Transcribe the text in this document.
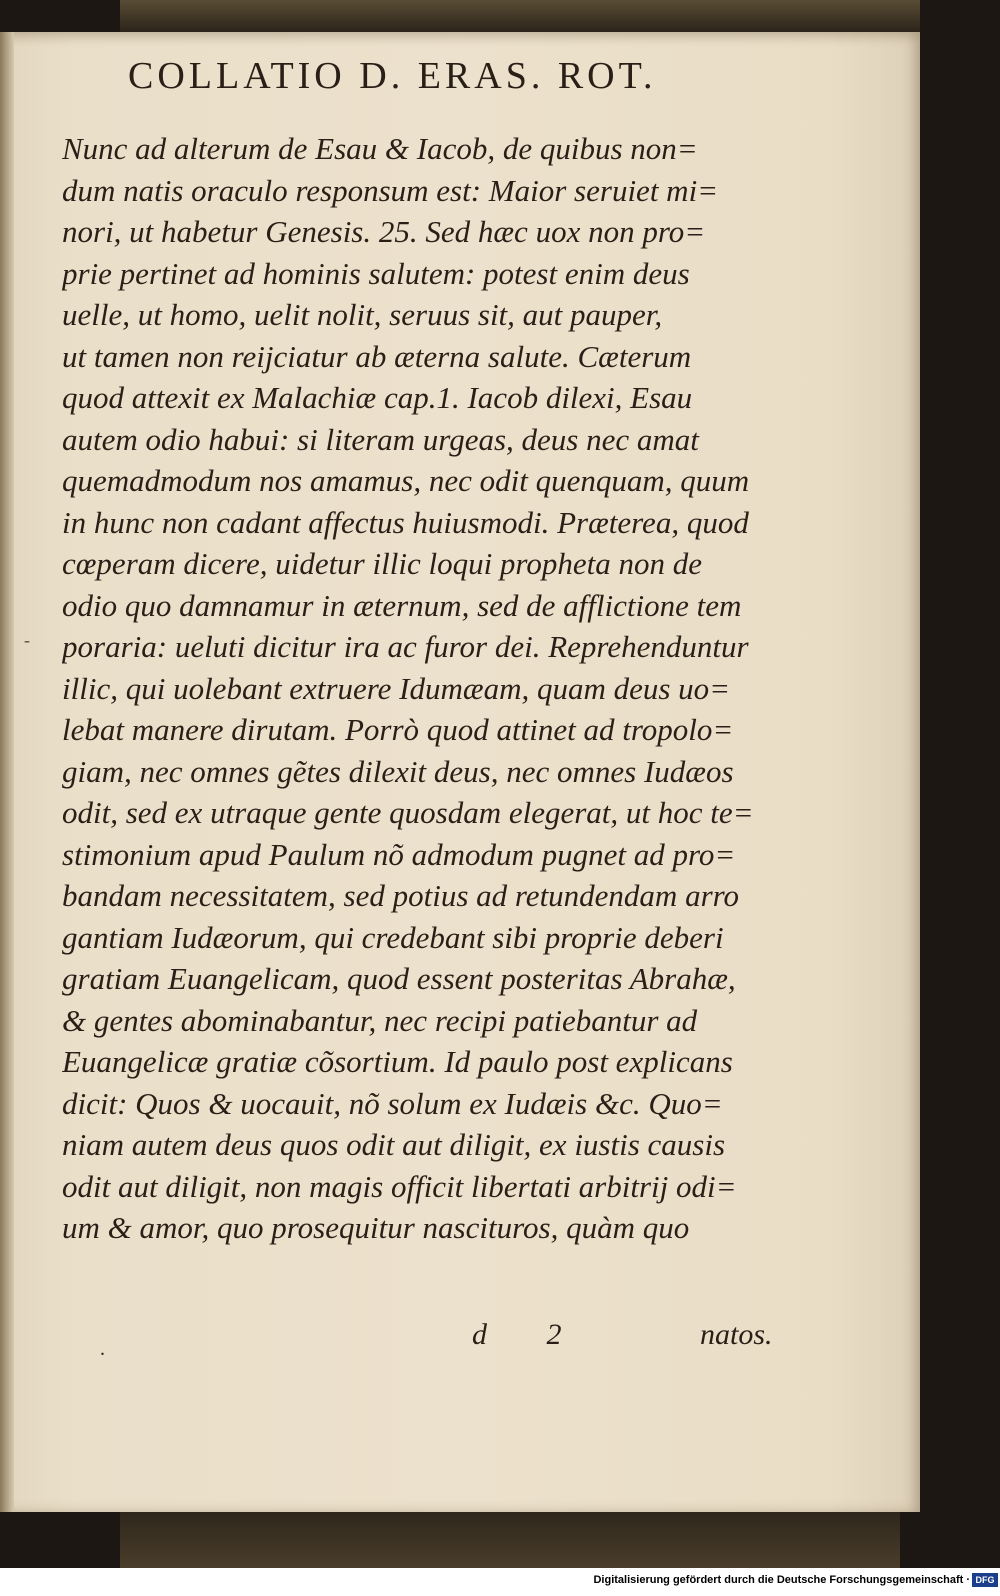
COLLATIO D. ERAS. ROT.
Nunc ad alterum de Esau & Iacob, de quibus non=
dum natis oraculo responsum est: Maior seruiet mi=
nori, ut habetur Genesis. 25. Sed hæc uox non pro=
prie pertinet ad hominis salutem: potest enim deus
uelle, ut homo, uelit nolit, seruus sit, aut pauper,
ut tamen non reijciatur ab æterna salute. Cæterum
quod attexit ex Malachiæ cap.1. Iacob dilexi, Esau
autem odio habui: si literam urgeas, deus nec amat
quemadmodum nos amamus, nec odit quenquam, quum
in hunc non cadant affectus huiusmodi. Præterea, quod
cœperam dicere, uidetur illic loqui propheta non de
odio quo damnamur in æternum, sed de afflictione tem
poraria: ueluti dicitur ira ac furor dei. Reprehenduntur
illic, qui uolebant extruere Idumæam, quam deus uo=
lebat manere dirutam. Porrò quod attinet ad tropolo=
giam, nec omnes gẽtes dilexit deus, nec omnes Iudæos
odit, sed ex utraque gente quosdam elegerat, ut hoc te=
stimonium apud Paulum nõ admodum pugnet ad pro=
bandam necessitatem, sed potius ad retundendam arro
gantiam Iudæorum, qui credebant sibi proprie deberi
gratiam Euangelicam, quod essent posteritas Abrahæ,
& gentes abominabantur, nec recipi patiebantur ad
Euangelicæ gratiæ cõsortium. Id paulo post explicans
dicit: Quos & uocauit, nõ solum ex Iudæis &c. Quo=
niam autem deus quos odit aut diligit, ex iustis causis
odit aut diligit, non magis officit libertati arbitrij odi=
um & amor, quo prosequitur nascituros, quàm quo
-
.	d 2	natos.
Digitalisierung gefördert durch die Deutsche Forschungsgemeinschaft · DFG
